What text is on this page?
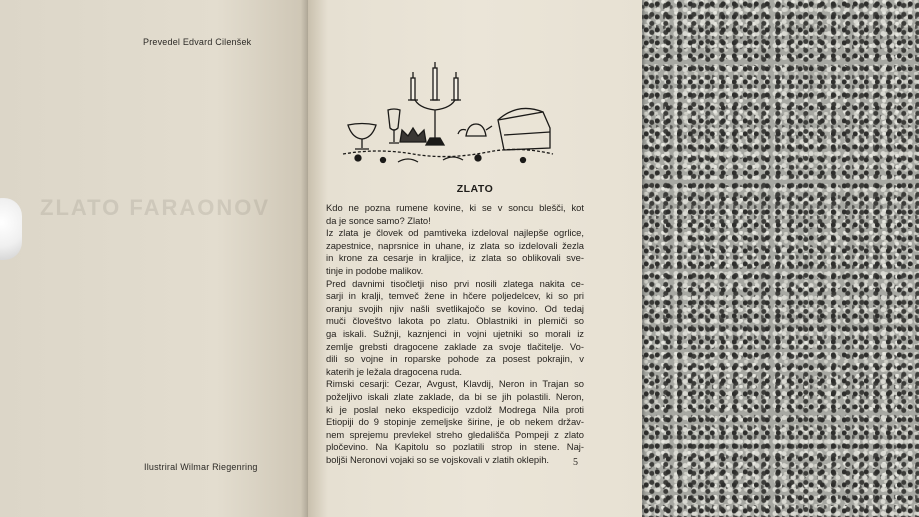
ZLATO FARAONOV
Prevedel Edvard Cilenšek
Ilustriral Wilmar Riegenring
ZLATO
Kdo ne pozna rumene kovine, ki se v soncu blešči, kot
da je sonce samo? Zlato!
Iz zlata je človek od pamtiveka izdeloval najlepše ogrlice,
zapestnice, naprsnice in uhane, iz zlata so izdelovali žezla
in krone za cesarje in kraljice, iz zlata so oblikovali sve-
tinje in podobe malikov.
Pred davnimi tisočletji niso prvi nosili zlatega nakita ce-
sarji in kralji, temveč žene in hčere poljedelcev, ki so pri
oranju svojih njiv našli svetlikajočo se kovino. Od tedaj
muči človeštvo lakota po zlatu. Oblastniki in plemiči so
ga iskali. Sužnji, kaznjenci in vojni ujetniki so morali iz
zemlje grebsti dragocene zaklade za svoje tlačitelje. Vo-
dili so vojne in roparske pohode za posest pokrajin, v
katerih je ležala dragocena ruda.
Rimski cesarji: Cezar, Avgust, Klavdij, Neron in Trajan so
poželjivo iskali zlate zaklade, da bi se jih polastili. Neron,
ki je poslal neko ekspedicijo vzdolž Modrega Nila proti
Etiopiji do 9 stopinje zemeljske širine, je ob nekem držav-
nem sprejemu prevlekel streho gledališča Pompeji z zlato
pločevino. Na Kapitolu so pozlatili strop in stene. Naj-
boljši Neronovi vojaki so se vojskovali v zlatih oklepih.	5
